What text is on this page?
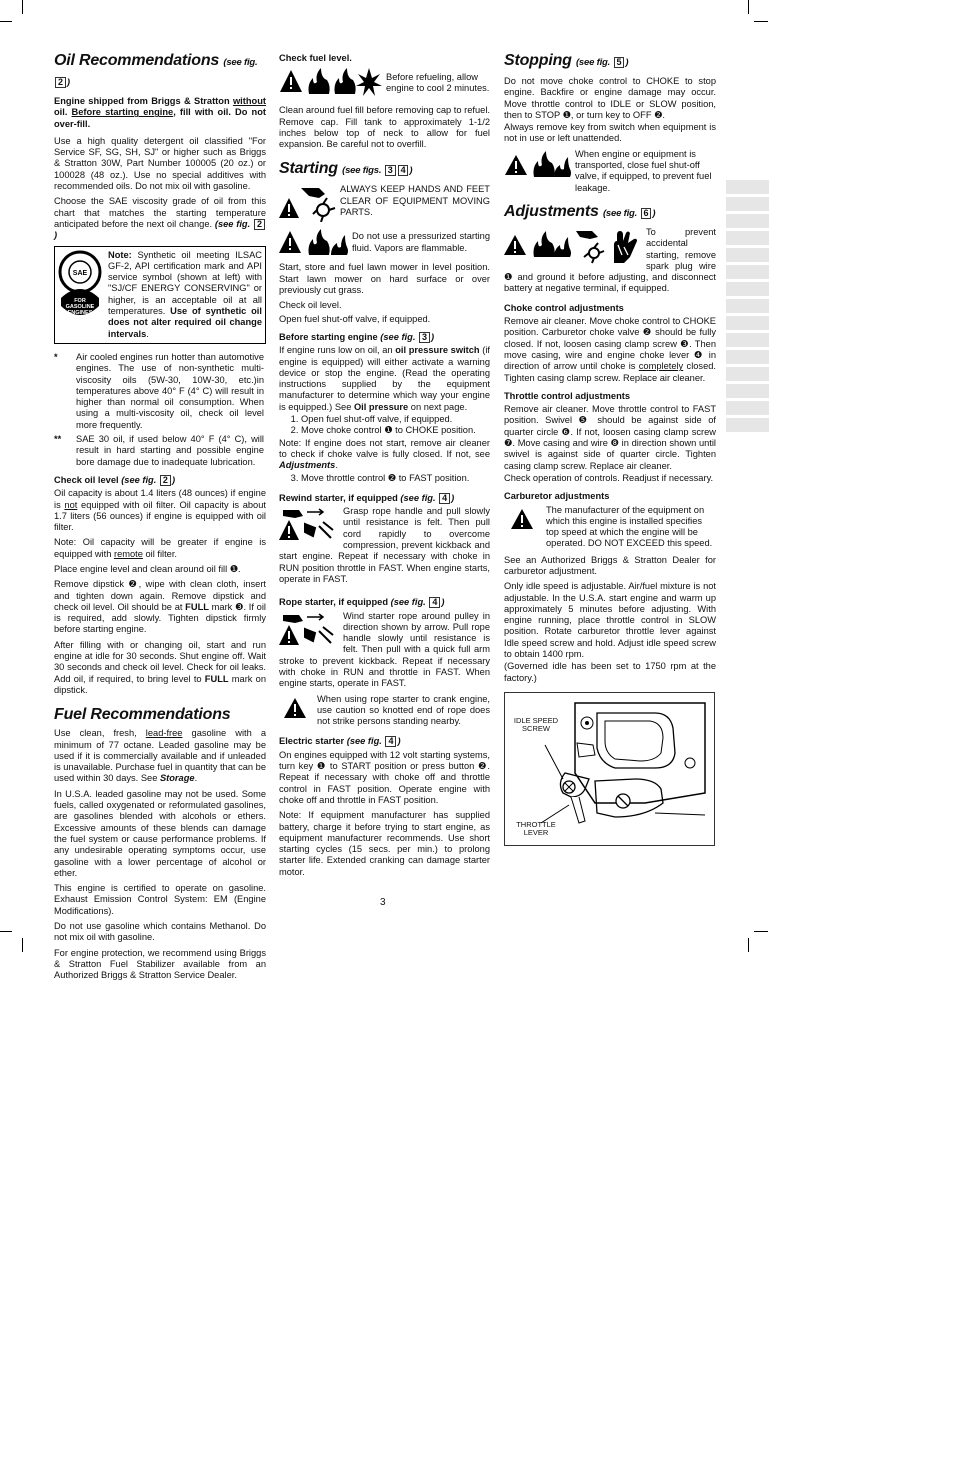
Oil Recommendations (see fig. 2 )

Engine shipped from Briggs & Stratton without oil. Before starting engine, fill with oil. Do not over-fill.

Use a high quality detergent oil classified "For Service SF, SG, SH, SJ" or higher such as Briggs & Stratton 30W, Part Number 100005 (20 oz.) or 100028 (48 oz.). Use no special additives with recommended oils. Do not mix oil with gasoline.

Choose the SAE viscosity grade of oil from this chart that matches the starting temperature anticipated before the next oil change. (see fig. 2)

SAE
FOR
GASOLINE
ENGINES
Note: Synthetic oil meeting ILSAC GF-2, API certification mark and API service symbol (shown at left) with "SJ/CF ENERGY CONSERVING" or higher, is an acceptable oil at all temperatures. Use of synthetic oil does not alter required oil change intervals.
*	Air cooled engines run hotter than automotive engines. The use of non-synthetic multi-viscosity oils (5W-30, 10W-30, etc.)in temperatures above 40° F (4° C) will result in higher than normal oil consumption. When using a multi-viscosity oil, check oil level more frequently.
**	SAE 30 oil, if used below 40° F (4° C), will result in hard starting and possible engine bore damage due to inadequate lubrication.
Check oil level (see fig. 2 )

Oil capacity is about 1.4 liters (48 ounces) if engine is not equipped with oil filter. Oil capacity is about 1.7 liters (56 ounces) if engine is equipped with oil filter.

Note: Oil capacity will be greater if engine is equipped with remote oil filter.

Place engine level and clean around oil fill ❶.

Remove dipstick ❷, wipe with clean cloth, insert and tighten down again. Remove dipstick and check oil level. Oil should be at FULL mark ❸. If oil is required, add slowly. Tighten dipstick firmly before starting engine.

After filling with or changing oil, start and run engine at idle for 30 seconds. Shut engine off. Wait 30 seconds and check oil level. Check for oil leaks. Add oil, if required, to bring level to FULL mark on dipstick.

Fuel Recommendations

Use clean, fresh, lead-free gasoline with a minimum of 77 octane. Leaded gasoline may be used if it is commercially available and if unleaded is unavailable. Purchase fuel in quantity that can be used within 30 days. See Storage.

In U.S.A. leaded gasoline may not be used. Some fuels, called oxygenated or reformulated gasolines, are gasolines blended with alcohols or ethers. Excessive amounts of these blends can damage the fuel system or cause performance problems. If any undesirable operating symptoms occur, use gasoline with a lower percentage of alcohol or ether.

This engine is certified to operate on gasoline. Exhaust Emission Control System: EM (Engine Modifications).

Do not use gasoline which contains Methanol. Do not mix oil with gasoline.

For engine protection, we recommend using Briggs & Stratton Fuel Stabilizer available from an Authorized Briggs & Stratton Service Dealer.

Check fuel level.
Before refueling, allow engine to cool 2 minutes.

Clean around fuel fill before removing cap to refuel. Remove cap. Fill tank to approximately 1-1/2 inches below top of neck to allow for fuel expansion. Be careful not to overfill.

Starting (see figs. 3 4 )
ALWAYS KEEP HANDS AND FEET CLEAR OF EQUIPMENT MOVING PARTS.
Do not use a pressurized starting fluid. Vapors are flammable.

Start, store and fuel lawn mower in level position. Start lawn mower on hard surface or over previously cut grass.

Check oil level.

Open fuel shut-off valve, if equipped.

Before starting engine (see fig. 3 )

If engine runs low on oil, an oil pressure switch (if engine is equipped) will either activate a warning device or stop the engine. (Read the operating instructions supplied by the equipment manufacturer to determine which way your engine is equipped.) See Oil pressure on next page.

1. Open fuel shut-off valve, if equipped.
2. Move choke control ❶ to CHOKE position.

Note: If engine does not start, remove air cleaner to check if choke valve is fully closed. If not, see Adjustments.

3. Move throttle control ❷ to FAST position.
Rewind starter, if equipped (see fig. 4 )

Grasp rope handle and pull slowly until resistance is felt. Then pull cord rapidly to overcome compression, prevent kickback and start engine. Repeat if necessary with choke in RUN position throttle in FAST. When engine starts, operate in FAST.

Rope starter, if equipped (see fig. 4 )

Wind starter rope around pulley in direction shown by arrow. Pull rope handle slowly until resistance is felt. Then pull with a quick full arm stroke to prevent kickback. Repeat if necessary with choke in RUN and throttle in FAST. When engine starts, operate in FAST.

When using rope starter to crank engine, use caution so knotted end of rope does not strike persons standing nearby.
Electric starter (see fig. 4 )

On engines equipped with 12 volt starting systems, turn key ❶ to START position or press button ❷. Repeat if necessary with choke off and throttle control in FAST position. Operate engine with choke off and throttle in FAST position.

Note: If equipment manufacturer has supplied battery, charge it before trying to start engine, as equipment manufacturer recommends. Use short starting cycles (15 secs. per min.) to prolong starter life. Extended cranking can damage starter motor.

Stopping (see fig. 5 )

Do not move choke control to CHOKE to stop engine. Backfire or engine damage may occur. Move throttle control to IDLE or SLOW position, then to STOP ❶, or turn key to OFF ❷.

Always remove key from switch when equipment is not in use or left unattended.

When engine or equipment is transported, close fuel shut-off valve, if equipped, to prevent fuel leakage.
Adjustments (see fig. 6 )

To prevent accidental starting, remove spark plug wire ❶ and ground it before adjusting, and disconnect battery at negative terminal, if equipped.

Choke control adjustments

Remove air cleaner. Move choke control to CHOKE position. Carburetor choke valve ❷ should be fully closed. If not, loosen casing clamp screw ❸. Then move casing, wire and engine choke lever ❹ in direction of arrow until choke is completely closed. Tighten casing clamp screw. Replace air cleaner.

Throttle control adjustments

Remove air cleaner. Move throttle control to FAST position. Swivel ❺ should be against side of quarter circle ❻. If not, loosen casing clamp screw ❼. Move casing and wire ❽ in direction shown until swivel is against side of quarter circle. Tighten casing clamp screw. Replace air cleaner.

Check operation of controls. Readjust if necessary.

Carburetor adjustments
The manufacturer of the equipment on which this engine is installed specifies top speed at which the engine will be operated. DO NOT EXCEED this speed.

See an Authorized Briggs & Stratton Dealer for carburetor adjustment.

Only idle speed is adjustable. Air/fuel mixture is not adjustable. In the U.S.A. start engine and warm up approximately 5 minutes before adjusting. With engine running, place throttle control in SLOW position. Rotate carburetor throttle lever against Idle speed screw and hold. Adjust idle speed screw to obtain 1400 rpm.

(Governed idle has been set to 1750 rpm at the factory.)

IDLE SPEED SCREW
THROTTLE LEVER
3
